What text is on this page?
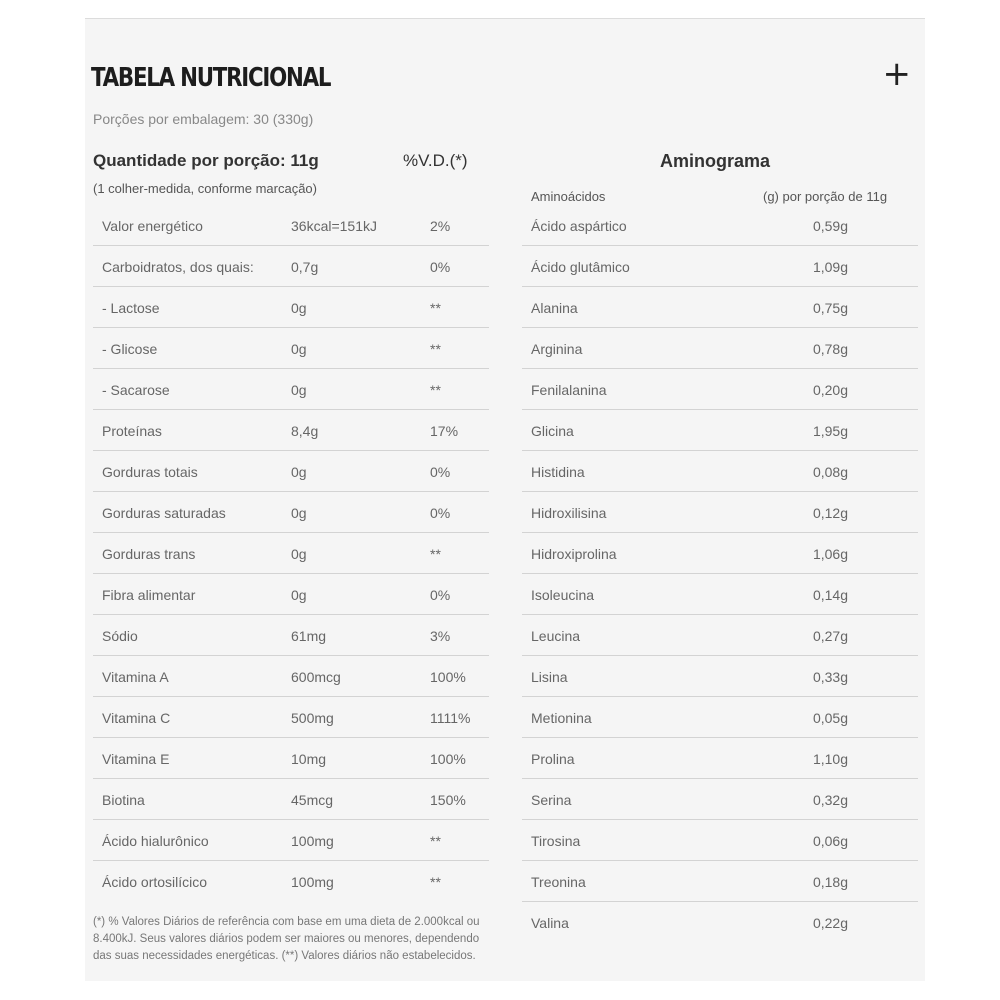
TABELA NUTRICIONAL	+
Porções por embalagem: 30 (330g)
Quantidade por porção: 11g	%V.D.(*)
(1 colher-medida, conforme marcação)
Valor energético	36kcal=151kJ	2%
Carboidratos, dos quais:	0,7g	0%
- Lactose	0g	**
- Glicose	0g	**
- Sacarose	0g	**
Proteínas	8,4g	17%
Gorduras totais	0g	0%
Gorduras saturadas	0g	0%
Gorduras trans	0g	**
Fibra alimentar	0g	0%
Sódio	61mg	3%
Vitamina A	600mcg	100%
Vitamina C	500mg	1111%
Vitamina E	10mg	100%
Biotina	45mcg	150%
Ácido hialurônico	100mg	**
Ácido ortosilícico	100mg	**
Aminograma
Aminoácidos	(g) por porção de 11g
Ácido aspártico	0,59g
Ácido glutâmico	1,09g
Alanina	0,75g
Arginina	0,78g
Fenilalanina	0,20g
Glicina	1,95g
Histidina	0,08g
Hidroxilisina	0,12g
Hidroxiprolina	1,06g
Isoleucina	0,14g
Leucina	0,27g
Lisina	0,33g
Metionina	0,05g
Prolina	1,10g
Serina	0,32g
Tirosina	0,06g
Treonina	0,18g
Valina	0,22g
(*) % Valores Diários de referência com base em uma dieta de 2.000kcal ou 8.400kJ. Seus valores diários podem ser maiores ou menores, dependendo das suas necessidades energéticas. (**) Valores diários não estabelecidos.
